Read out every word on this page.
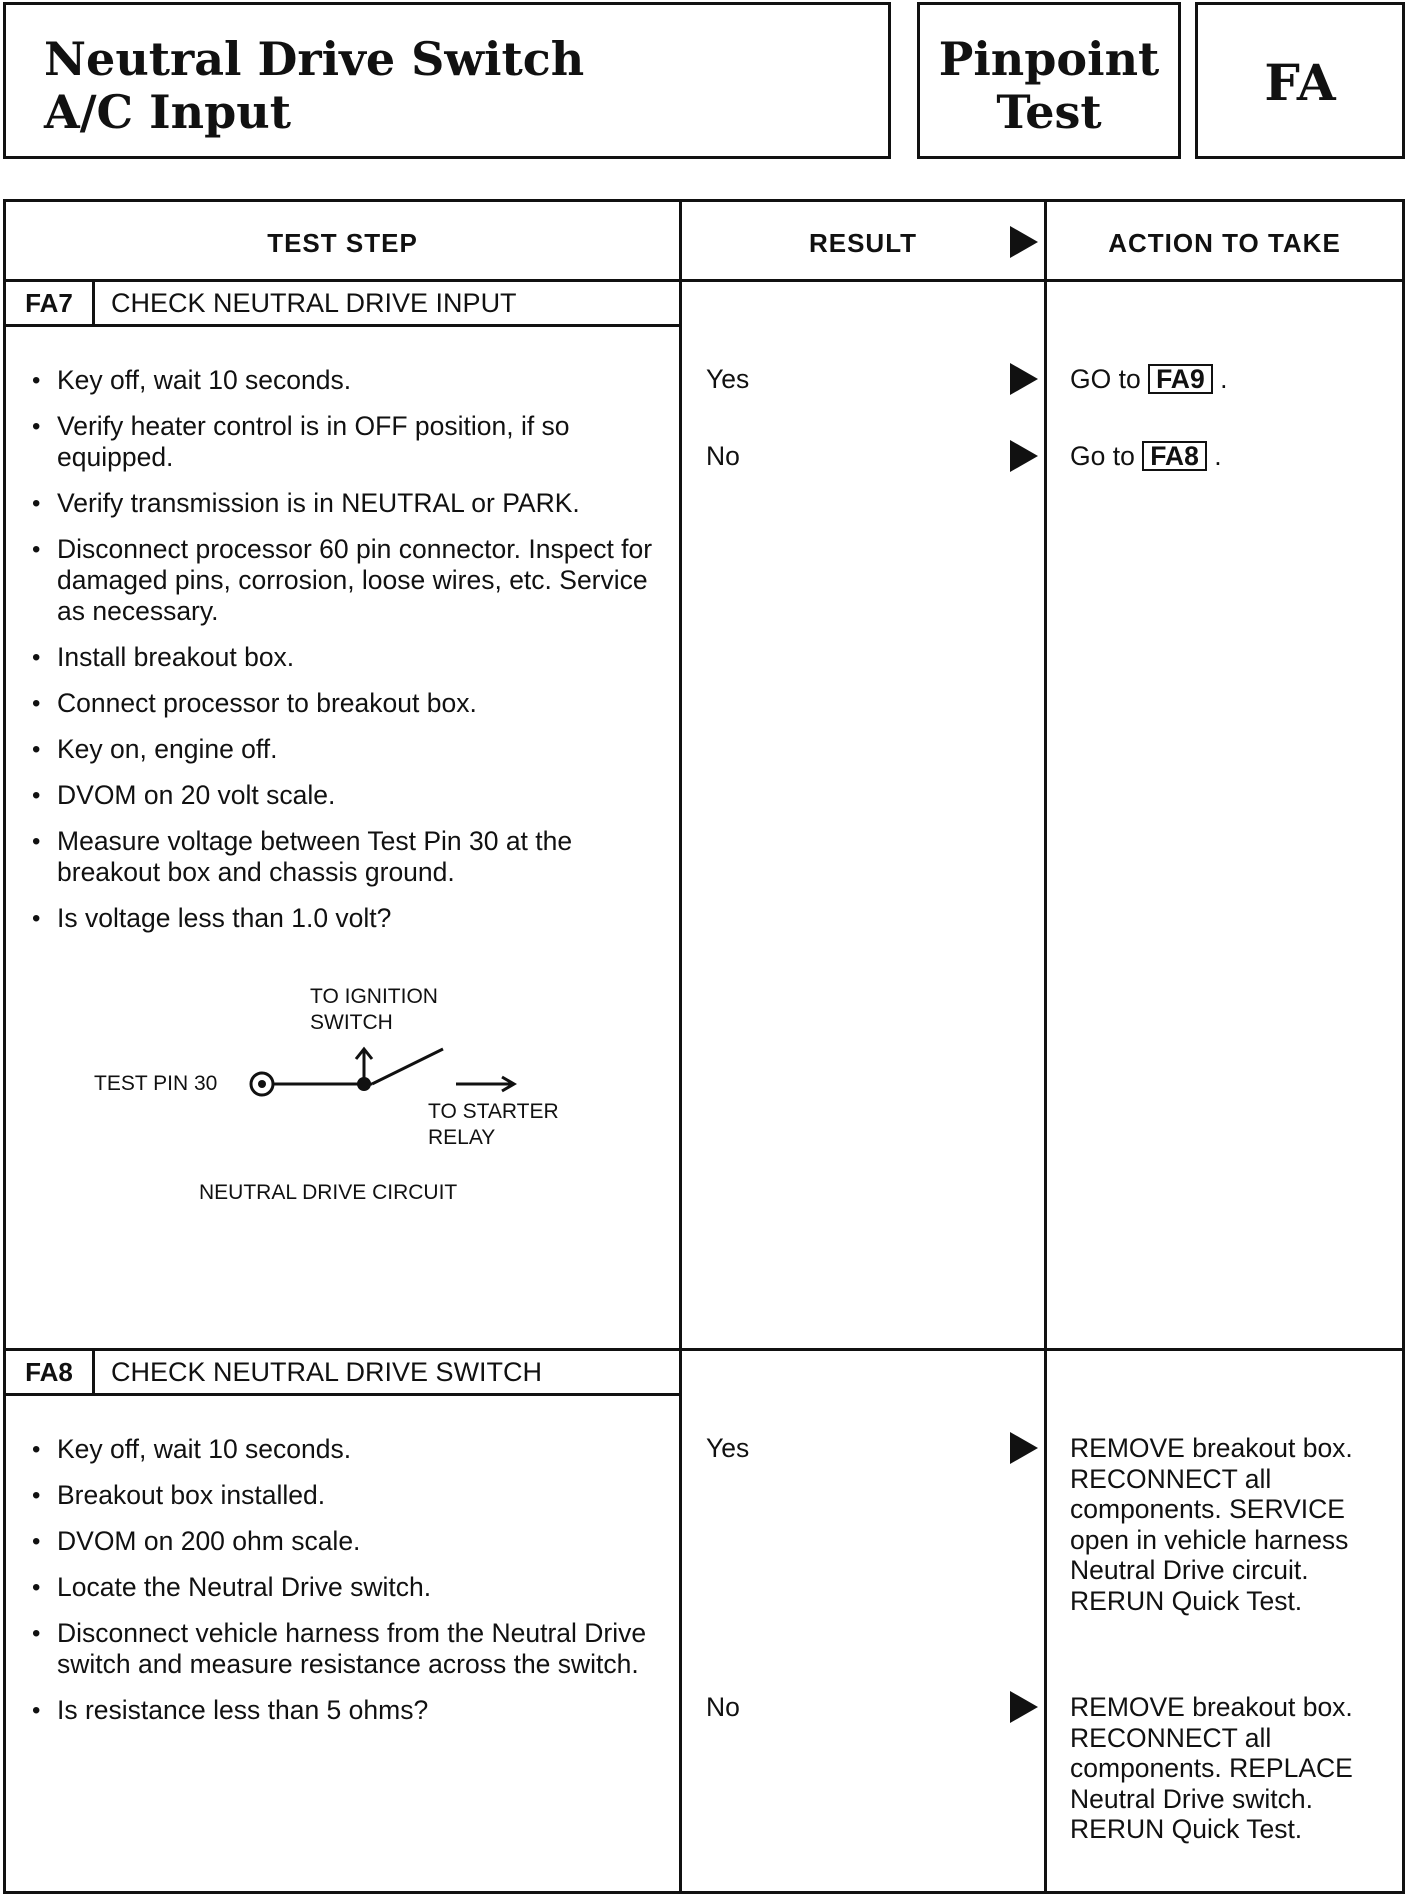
Neutral Drive Switch
A/C Input
Pinpoint
Test	FA
TEST STEP	RESULT	ACTION TO TAKE
FA7	CHECK NEUTRAL DRIVE INPUT
• Key off, wait 10 seconds.
• Verify heater control is in OFF position, if so equipped.
• Verify transmission is in NEUTRAL or PARK.
• Disconnect processor 60 pin connector. Inspect for damaged pins, corrosion, loose wires, etc. Service as necessary.
• Install breakout box.
• Connect processor to breakout box.
• Key on, engine off.
• DVOM on 20 volt scale.
• Measure voltage between Test Pin 30 at the breakout box and chassis ground.
• Is voltage less than 1.0 volt?
TO IGNITION
SWITCH
TEST PIN 30
TO STARTER
RELAY
NEUTRAL DRIVE CIRCUIT
Yes	GO to FA9 .
No	Go to FA8 .
FA8	CHECK NEUTRAL DRIVE SWITCH
• Key off, wait 10 seconds.
• Breakout box installed.
• DVOM on 200 ohm scale.
• Locate the Neutral Drive switch.
• Disconnect vehicle harness from the Neutral Drive switch and measure resistance across the switch.
• Is resistance less than 5 ohms?
Yes	REMOVE breakout box. RECONNECT all components. SERVICE open in vehicle harness Neutral Drive circuit. RERUN Quick Test.
No	REMOVE breakout box. RECONNECT all components. REPLACE Neutral Drive switch. RERUN Quick Test.
